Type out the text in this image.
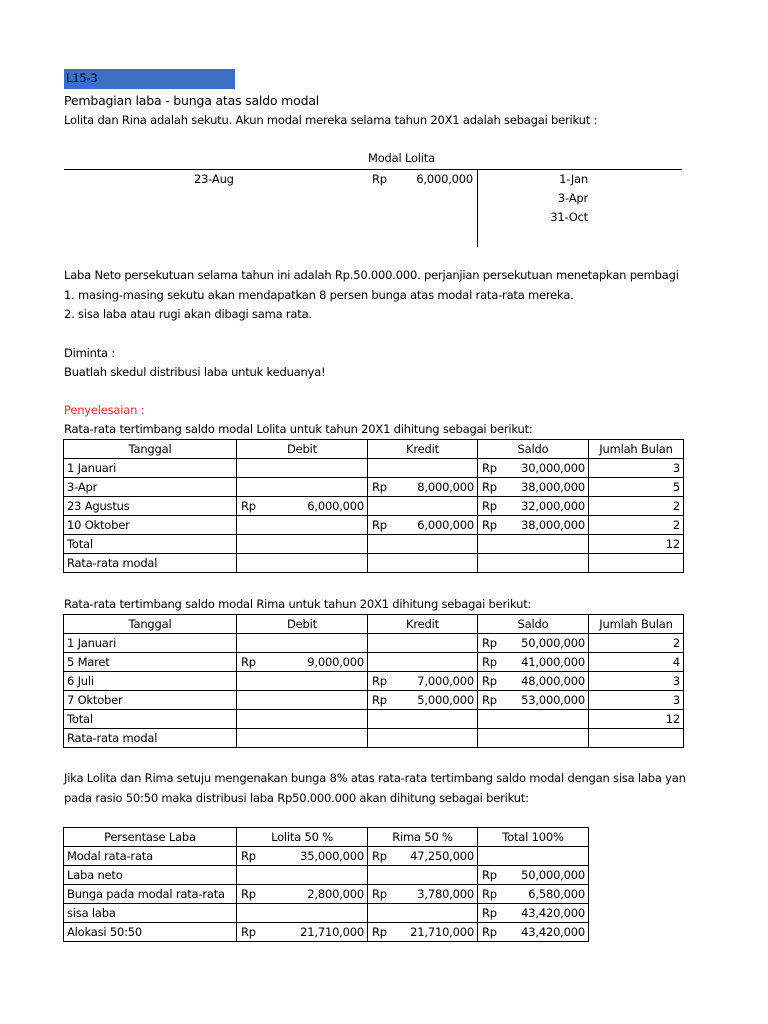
L15-3
Pembagian laba - bunga atas saldo modal
Lolita dan Rina adalah sekutu. Akun modal mereka selama tahun 20X1 adalah sebagai berikut :
Modal Lolita
23-Aug	Rp	6,000,000	1-Jan
3-Apr
31-Oct
Laba Neto persekutuan selama tahun ini adalah Rp.50.000.000. perjanjian persekutuan menetapkan pembagi
1. masing-masing sekutu akan mendapatkan 8 persen bunga atas modal rata-rata mereka.
2. sisa laba atau rugi akan dibagi sama rata.
Diminta :
Buatlah skedul distribusi laba untuk keduanya!
Penyelesaian :
Rata-rata tertimbang saldo modal Lolita untuk tahun 20X1 dihitung sebagai berikut:
Tanggal	Debit	Kredit	Saldo	Jumlah Bulan
1 Januari			Rp 30,000,000	3
3-Apr		Rp 8,000,000	Rp 38,000,000	5
23 Agustus	Rp 6,000,000		Rp 32,000,000	2
10 Oktober		Rp 6,000,000	Rp 38,000,000	2
Total				12
Rata-rata modal				
Rata-rata tertimbang saldo modal Rima untuk tahun 20X1 dihitung sebagai berikut:
Tanggal	Debit	Kredit	Saldo	Jumlah Bulan
1 Januari			Rp 50,000,000	2
5 Maret	Rp 9,000,000		Rp 41,000,000	4
6 Juli		Rp 7,000,000	Rp 48,000,000	3
7 Oktober		Rp 5,000,000	Rp 53,000,000	3
Total				12
Rata-rata modal				
Jika Lolita dan Rima setuju mengenakan bunga 8% atas rata-rata tertimbang saldo modal dengan sisa laba yan
pada rasio 50:50 maka distribusi laba Rp50.000.000 akan dihitung sebagai berikut:
Persentase Laba	Lolita 50 %	Rima 50 %	Total 100%
Modal rata-rata	Rp 35,000,000	Rp 47,250,000	

Laba neto			Rp 50,000,000

Bunga pada modal rata-rata	Rp 2,800,000	Rp 3,780,000	Rp 6,580,000

sisa laba			Rp 43,420,000

Alokasi 50:50	Rp 21,710,000	Rp 21,710,000	Rp 43,420,000
